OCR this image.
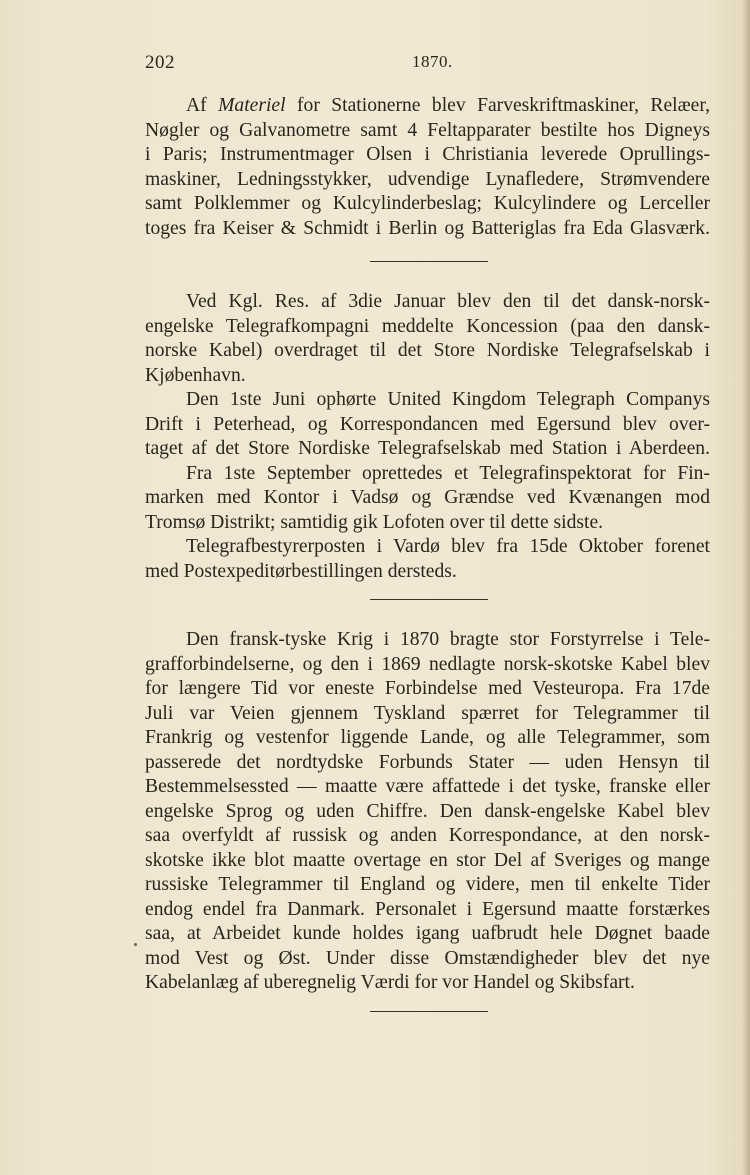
202	1870.
Af Materiel for Stationerne blev Farveskriftmaskiner, Relæer,
Nøgler og Galvanometre samt 4 Feltapparater bestilte hos Digneys
i Paris; Instrumentmager Olsen i Christiania leverede Oprullings-
maskiner, Ledningsstykker, udvendige Lynafledere, Strømvendere
samt Polklemmer og Kulcylinderbeslag; Kulcylindere og Lerceller
toges fra Keiser & Schmidt i Berlin og Batteriglas fra Eda Glasværk.
Ved Kgl. Res. af 3die Januar blev den til det dansk-norsk-
engelske Telegrafkompagni meddelte Koncession (paa den dansk-
norske Kabel) overdraget til det Store Nordiske Telegrafselskab i
Kjøbenhavn.
Den 1ste Juni ophørte United Kingdom Telegraph Companys
Drift i Peterhead, og Korrespondancen med Egersund blev over-
taget af det Store Nordiske Telegrafselskab med Station i Aberdeen.
Fra 1ste September oprettedes et Telegrafinspektorat for Fin-
marken med Kontor i Vadsø og Grændse ved Kvænangen mod
Tromsø Distrikt; samtidig gik Lofoten over til dette sidste.
Telegrafbestyrerposten i Vardø blev fra 15de Oktober forenet
med Postexpeditørbestillingen dersteds.
Den fransk-tyske Krig i 1870 bragte stor Forstyrrelse i Tele-
grafforbindelserne, og den i 1869 nedlagte norsk-skotske Kabel blev
for længere Tid vor eneste Forbindelse med Vesteuropa. Fra 17de
Juli var Veien gjennem Tyskland spærret for Telegrammer til
Frankrig og vestenfor liggende Lande, og alle Telegrammer, som
passerede det nordtydske Forbunds Stater — uden Hensyn til
Bestemmelsessted — maatte være affattede i det tyske, franske eller
engelske Sprog og uden Chiffre. Den dansk-engelske Kabel blev
saa overfyldt af russisk og anden Korrespondance, at den norsk-
skotske ikke blot maatte overtage en stor Del af Sveriges og mange
russiske Telegrammer til England og videre, men til enkelte Tider
endog endel fra Danmark. Personalet i Egersund maatte forstærkes
saa, at Arbeidet kunde holdes igang uafbrudt hele Døgnet baade
mod Vest og Øst. Under disse Omstændigheder blev det nye
Kabelanlæg af uberegnelig Værdi for vor Handel og Skibsfart.
